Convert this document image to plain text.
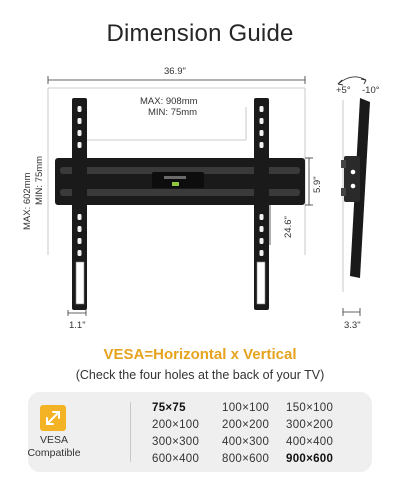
Dimension Guide
36.9"
MAX: 908mm
MIN: 75mm
MAX: 602mm MIN: 75mm	5.9"
24.6"
1.1"	3.3"
+5° -10°
VESA=Horizontal x Vertical
(Check the four holes at the back of your TV)
VESA
Compatible
75×75	100×100 150×100
200×100 200×200 300×200
300×300 400×300 400×400
600×400 800×600 900×600
